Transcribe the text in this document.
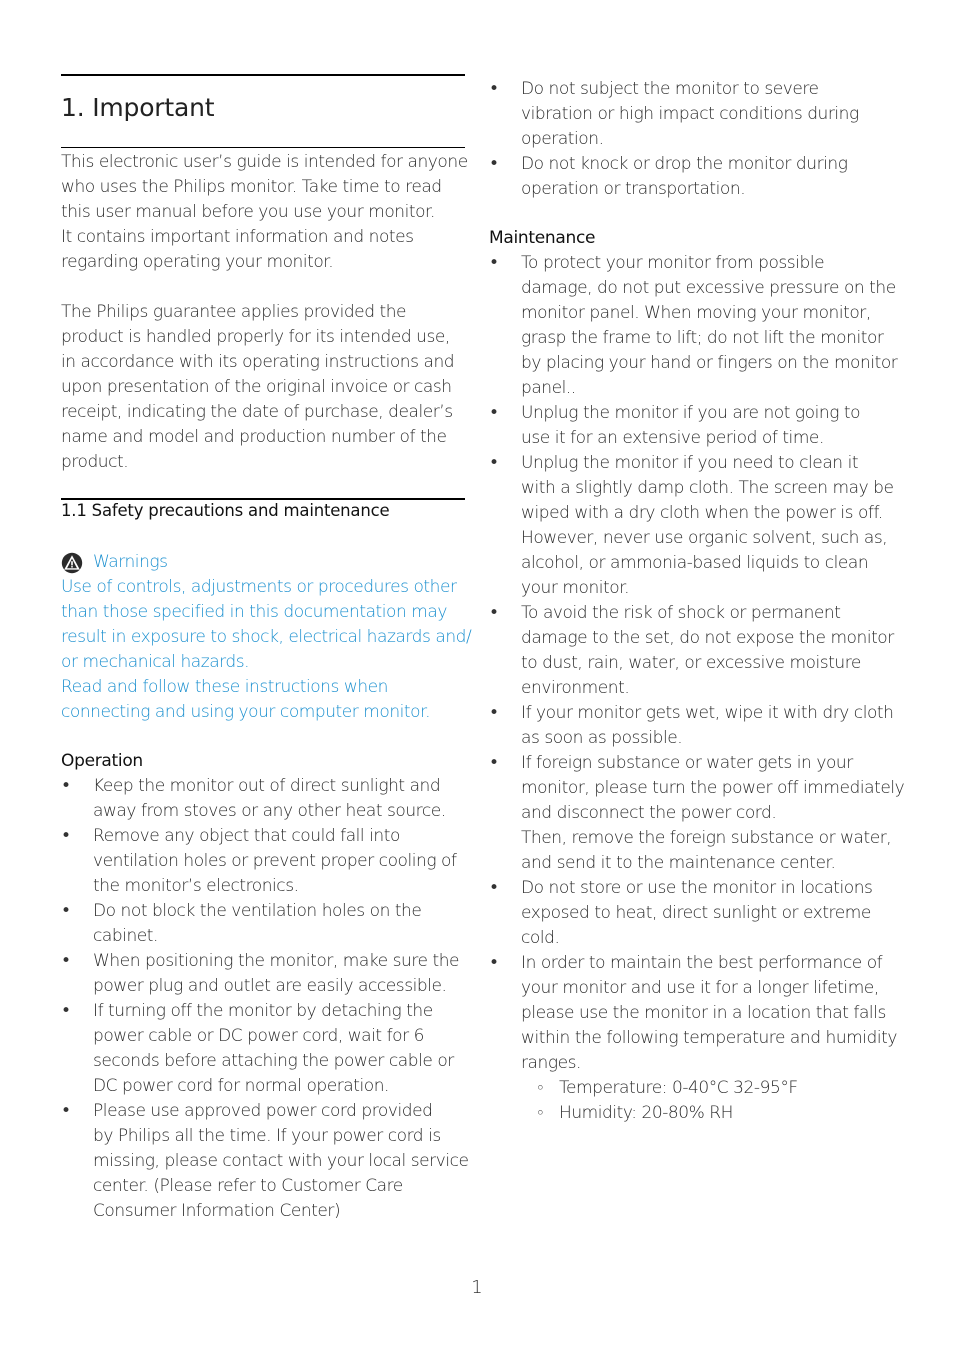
1. Important
This electronic user’s guide is intended for anyone
who uses the Philips monitor. Take time to read
this user manual before you use your monitor.
It contains important information and notes
regarding operating your monitor.
The Philips guarantee applies provided the
product is handled properly for its intended use,
in accordance with its operating instructions and
upon presentation of the original invoice or cash
receipt, indicating the date of purchase, dealer’s
name and model and production number of the
product.
1.1 Safety precautions and maintenance
Warnings
Use of controls, adjustments or procedures other
than those specified in this documentation may
result in exposure to shock, electrical hazards and/
or mechanical hazards.
Read and follow these instructions when
connecting and using your computer monitor.

Operation

• Keep the monitor out of direct sunlight and
away from stoves or any other heat source.
• Remove any object that could fall into
ventilation holes or prevent proper cooling of
the monitor’s electronics.
• Do not block the ventilation holes on the
cabinet.
• When positioning the monitor, make sure the
power plug and outlet are easily accessible.
• If turning off the monitor by detaching the
power cable or DC power cord, wait for 6
seconds before attaching the power cable or
DC power cord for normal operation.
• Please use approved power cord provided
by Philips all the time. If your power cord is
missing, please contact with your local service
center. (Please refer to Customer Care
Consumer Information Center)
• Do not subject the monitor to severe
vibration or high impact conditions during
operation.
• Do not knock or drop the monitor during
operation or transportation.

Maintenance

• To protect your monitor from possible
damage, do not put excessive pressure on the
monitor panel. When moving your monitor,
grasp the frame to lift; do not lift the monitor
by placing your hand or fingers on the monitor
panel..
• Unplug the monitor if you are not going to
use it for an extensive period of time.
• Unplug the monitor if you need to clean it
with a slightly damp cloth. The screen may be
wiped with a dry cloth when the power is off.
However, never use organic solvent, such as,
alcohol, or ammonia-based liquids to clean
your monitor.
• To avoid the risk of shock or permanent
damage to the set, do not expose the monitor
to dust, rain, water, or excessive moisture
environment.
• If your monitor gets wet, wipe it with dry cloth
as soon as possible.
• If foreign substance or water gets in your
monitor, please turn the power off immediately
and disconnect the power cord.
Then, remove the foreign substance or water,
and send it to the maintenance center.
• Do not store or use the monitor in locations
exposed to heat, direct sunlight or extreme
cold.
• In order to maintain the best performance of
your monitor and use it for a longer lifetime,
please use the monitor in a location that falls
within the following temperature and humidity
ranges.
◦ Temperature: 0-40°C 32-95°F
◦ Humidity: 20-80% RH
1
